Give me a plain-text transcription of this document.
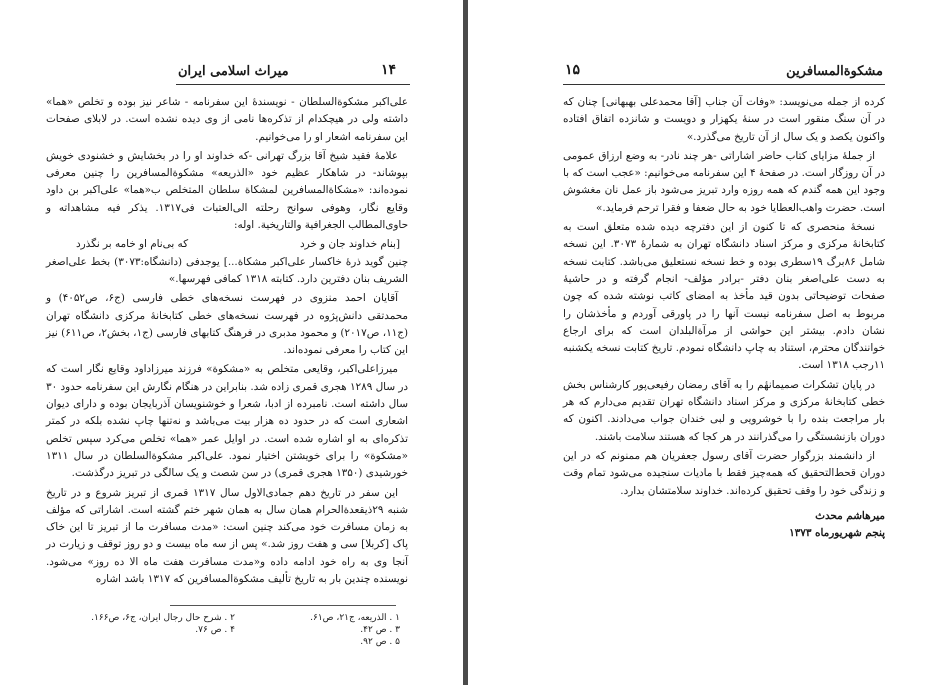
۱۴
میراث اسلامی ایران

علی‌اکبر مشکوة‌السلطان - نویسندهٔ این سفرنامه - شاعر نیز بوده و تخلص «هما» داشته ولی در هیچکدام از تذکره‌ها نامی از وی دیده نشده است. در لابلای صفحات این سفرنامه اشعار او را می‌خوانیم.

علامهٔ فقید شیخ آقا بزرگ تهرانی -که خداوند او را در بخشایش و خشنودی خویش بپوشاند- در شاهکار عظیم خود «الذریعه» مشکوة‌المسافرین را چنین معرفی نموده‌اند: «مشکاة‌المسافرین لمشکاة سلطان المتخلص ب«هما» علی‌اکبر بن داود وقایع نگار، وهوفی سوانح رحلته الی‌العتبات فی۱۳۱۷. یذکر فیه مشاهداته و حاوی‌المطالب الجغرافیة والتاریخیة. اوله:

[بنام خداوند جان و خرد
که بی‌نام او خامه بر نگذرد

چنین گوید ذرهٔ خاکسار علی‌اکبر مشکاة...] یوجدفی (دانشگاه:۳۰۷۳) بخط علی‌اصغر الشریف بنان دفترین دارد. کتابته ۱۳۱۸ کمافی فهرسها.»

آقایان احمد منزوی در فهرست نسخه‌های خطی فارسی (ج۶، ص۴۰۵۲) و محمدتقی دانش‌پژوه در فهرست نسخه‌های خطی کتابخانهٔ مرکزی دانشگاه تهران (ج۱۱، ص۲۰۱۷) و محمود مدبری در فرهنگ کتابهای فارسی (ج۱، بخش۲، ص۶۱۱) نیز این کتاب را معرفی نموده‌اند.

میرزاعلی‌اکبر، وقایعی متخلص به «مشکوة» فرزند میرزاداود وقایع نگار است که در سال ۱۲۸۹ هجری قمری زاده شد. بنابراین در هنگام نگارش این سفرنامه حدود ۳۰ سال داشته است. نامبرده از ادبا، شعرا و خوشنویسان آذربایجان بوده و دارای دیوان اشعاری است که در حدود ده هزار بیت می‌باشد و نه‌تنها چاپ نشده بلکه در کمتر تذکره‌ای به او اشاره شده است. در اوایل عمر «هما» تخلص می‌کرد سپس تخلص «مشکوة» را برای خویشتن اختیار نمود. علی‌اکبر مشکوة‌السلطان در سال ۱۳۱۱ خورشیدی (۱۳۵۰ هجری قمری) در سن شصت و یک سالگی در تبریز درگذشت.

این سفر در تاریخ دهم جمادی‌الاول سال ۱۳۱۷ قمری از تبریز شروع و در تاریخ شنبه ۲۹ذیقعدةالحرام همان سال به همان شهر ختم گشته است. اشاراتی که مؤلف به زمان مسافرت خود می‌کند چنین است: «مدت مسافرت ما از تبریز تا این خاک پاک [کربلا] سی و هفت روز شد.» پس از سه ماه بیست و دو روز توقف و زیارت در آنجا وی به راه خود ادامه داده و«مدت مسافرت هفت ماه الا ده روز» می‌شود. نویسنده چندین بار به تاریخ تألیف مشکوة‌المسافرین که ۱۳۱۷ باشد اشاره

۱ . الذریعه، ج۲۱، ص۶۱.
۲ . شرح حال رجال ایران، ج۶، ص۱۶۶.
۳ . ص ۴۲.
۴ . ص ۷۶.
۵ . ص ۹۲.
مشکوة‌المسافرین
۱۵

کرده از جمله می‌نویسد: «وفات آن جناب [آقا محمدعلی بهبهانی] چنان که در آن سنگ منقور است در سنهٔ یکهزار و دویست و شانزده اتفاق افتاده واکنون یکصد و یک سال از آن تاریخ می‌گذرد.»

از جملهٔ مزایای کتاب حاضر اشاراتی -هر چند نادر- به وضع ارزاق عمومی در آن روزگار است. در صفحهٔ ۴ این سفرنامه می‌خوانیم: «عجب است که با وجود این همه گندم که همه روزه وارد تبریز می‌شود باز عمل نان مغشوش است. حضرت واهب‌العطایا خود به حال ضعفا و فقرا ترحم فرماید.»

نسخهٔ منحصری که تا کنون از این دفترچه دیده شده متعلق است به کتابخانهٔ مرکزی و مرکز اسناد دانشگاه تهران به شمارهٔ ۳۰۷۳. این نسخه شامل ۸۶برگ ۱۹سطری بوده و خط نسخه نستعلیق می‌باشد. کتابت نسخه به دست علی‌اصغر بنان دفتر -برادر مؤلف- انجام گرفته و در حاشیهٔ صفحات توضیحاتی بدون قید مأخذ به امضای کاتب نوشته شده که چون مربوط به اصل سفرنامه نیست آنها را در پاورقی آوردم و مأخذشان را نشان دادم. بیشتر این حواشی از مرآةالبلدان است که برای ارجاع خوانندگان محترم، استناد به چاپ دانشگاه نمودم. تاریخ کتابت نسخه یکشنبه ۱۱رجب ۱۳۱۸ است.

در پایان تشکرات صمیمانهٔم را به آقای رمضان رفیعی‌پور کارشناس بخش خطی کتابخانهٔ مرکزی و مرکز اسناد دانشگاه تهران تقدیم می‌دارم که هر بار مراجعت بنده را با خوشرویی و لبی خندان جواب می‌دادند. اکنون که دوران بازنشستگی را می‌گذرانند در هر کجا که هستند سلامت باشند.

از دانشمند بزرگوار حضرت آقای رسول جعفریان هم ممنونم که در این دوران قحط‌التحقیق که همه‌چیز فقط با مادیات سنجیده می‌شود تمام وقت و زندگی خود را وقف تحقیق کرده‌اند. خداوند سلامتشان بدارد.

میرهاشم محدث
پنجم شهریورماه ۱۳۷۳
